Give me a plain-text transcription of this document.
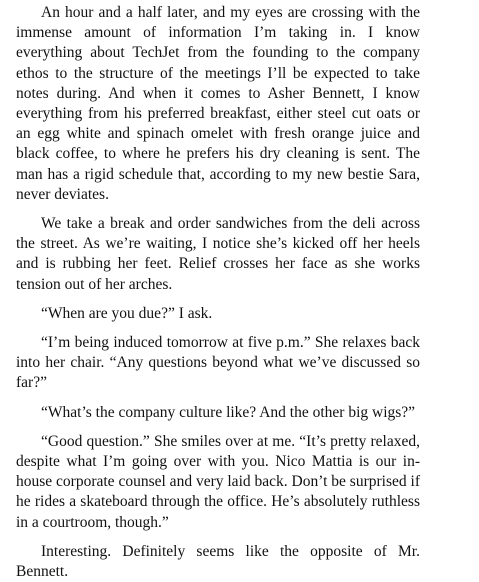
An hour and a half later, and my eyes are crossing with the immense amount of information I’m taking in. I know everything about TechJet from the founding to the company ethos to the structure of the meetings I’ll be expected to take notes during. And when it comes to Asher Bennett, I know everything from his preferred breakfast, either steel cut oats or an egg white and spinach omelet with fresh orange juice and black coffee, to where he prefers his dry cleaning is sent. The man has a rigid schedule that, according to my new bestie Sara, never deviates.

We take a break and order sandwiches from the deli across the street. As we’re waiting, I notice she’s kicked off her heels and is rubbing her feet. Relief crosses her face as she works tension out of her arches.

“When are you due?” I ask.

“I’m being induced tomorrow at five p.m.” She relaxes back into her chair. “Any questions beyond what we’ve discussed so far?”

“What’s the company culture like? And the other big wigs?”

“Good question.” She smiles over at me. “It’s pretty relaxed, despite what I’m going over with you. Nico Mattia is our in-house corporate counsel and very laid back. Don’t be surprised if he rides a skateboard through the office. He’s absolutely ruthless in a courtroom, though.”

Interesting. Definitely seems like the opposite of Mr. Bennett.
